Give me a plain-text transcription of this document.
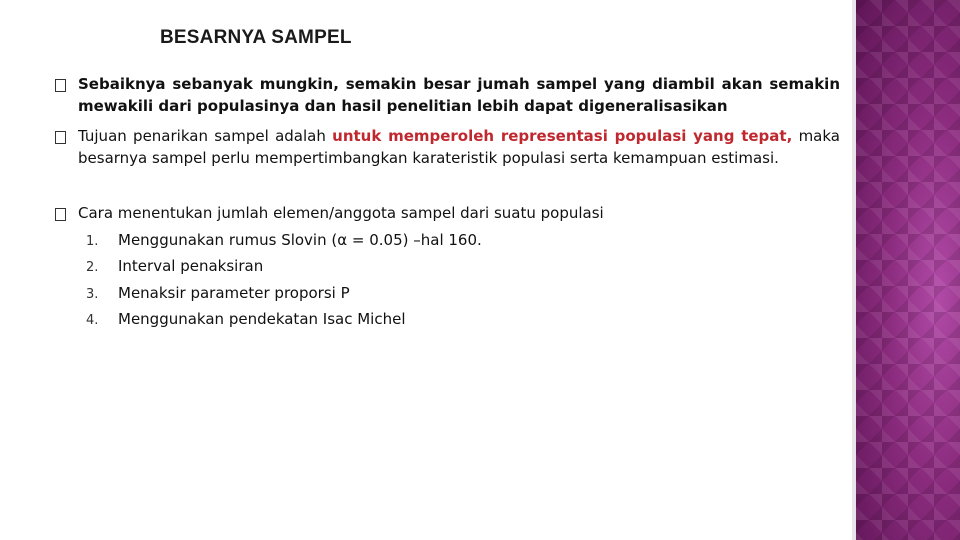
BESARNYA SAMPEL
Sebaiknya sebanyak mungkin, semakin besar jumah sampel yang diambil akan semakin mewakili dari populasinya dan hasil penelitian lebih dapat digeneralisasikan
Tujuan penarikan sampel adalah untuk memperoleh representasi populasi yang tepat, maka besarnya sampel perlu mempertimbangkan karateristik populasi serta kemampuan estimasi.
Cara menentukan jumlah elemen/anggota sampel dari suatu populasi
1. Menggunakan rumus Slovin (α = 0.05) –hal 160.
2. Interval penaksiran
3. Menaksir parameter proporsi P
4. Menggunakan pendekatan Isac Michel
